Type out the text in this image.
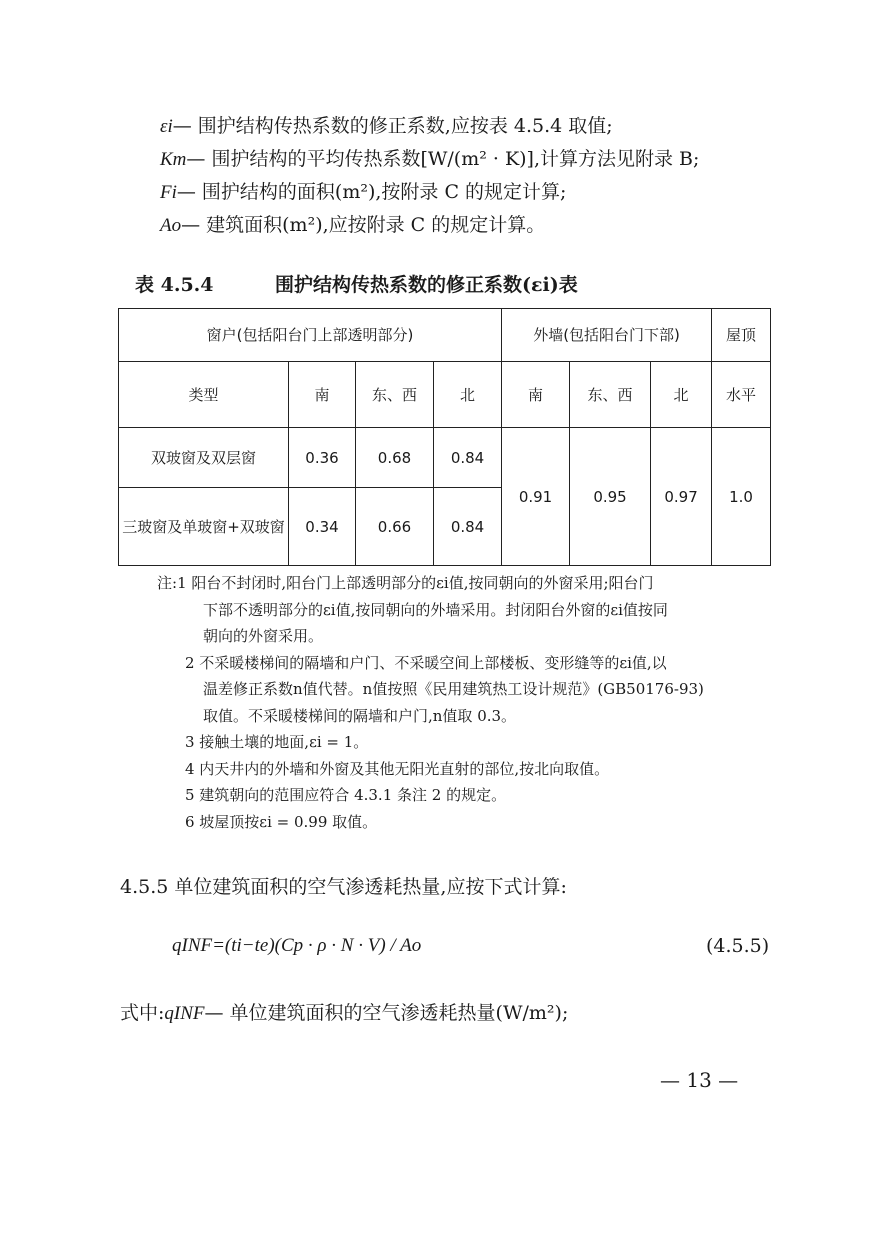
εi— 围护结构传热系数的修正系数,应按表 4.5.4 取值;
Km— 围护结构的平均传热系数[W/(m² · K)],计算方法见附录 B;
Fi— 围护结构的面积(m²),按附录 C 的规定计算;
Ao— 建筑面积(m²),应按附录 C 的规定计算。
表 4.5.4	围护结构传热系数的修正系数(εi)表
窗户(包括阳台门上部透明部分)				外墙(包括阳台门下部)			屋顶
类型	南	东、西	北	南	东、西	北	水平
双玻窗及双层窗	0.36	0.68	0.84	0.91	0.95	0.97	1.0
三玻窗及单玻窗+双玻窗	0.34	0.66	0.84				
注:1 阳台不封闭时,阳台门上部透明部分的εi值,按同朝向的外窗采用;阳台门
下部不透明部分的εi值,按同朝向的外墙采用。封闭阳台外窗的εi值按同
朝向的外窗采用。
2 不采暖楼梯间的隔墙和户门、不采暖空间上部楼板、变形缝等的εi值,以
温差修正系数n值代替。n值按照《民用建筑热工设计规范》(GB50176-93)
取值。不采暖楼梯间的隔墙和户门,n值取 0.3。
3 接触土壤的地面,εi = 1。
4 内天井内的外墙和外窗及其他无阳光直射的部位,按北向取值。
5 建筑朝向的范围应符合 4.3.1 条注 2 的规定。
6 坡屋顶按εi = 0.99 取值。
4.5.5 单位建筑面积的空气渗透耗热量,应按下式计算:
qINF=(ti−te)(Cp · ρ · N · V) / Ao	(4.5.5)
式中:qINF— 单位建筑面积的空气渗透耗热量(W/m²);
— 13 —
